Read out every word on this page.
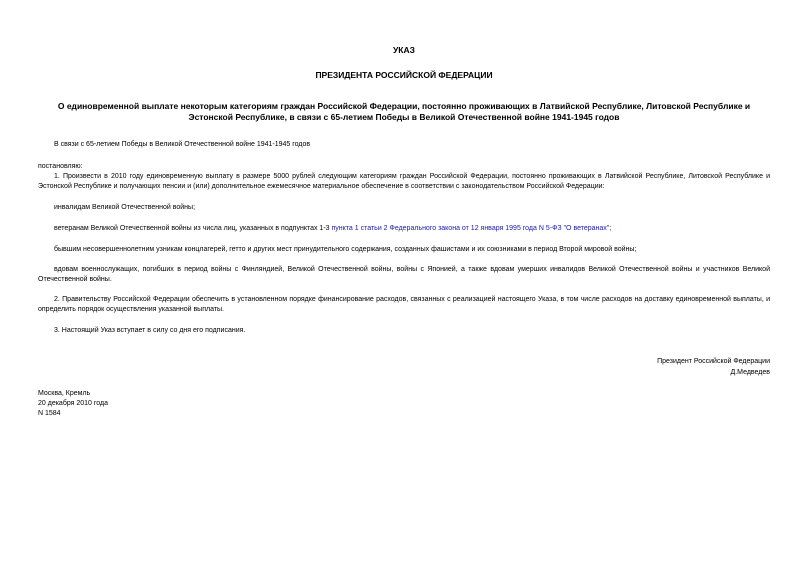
УКАЗ
ПРЕЗИДЕНТА РОССИЙСКОЙ ФЕДЕРАЦИИ
О единовременной выплате некоторым категориям граждан Российской Федерации, постоянно проживающих в Латвийской Республике, Литовской Республике и Эстонской Республике, в связи с 65-летием Победы в Великой Отечественной войне 1941-1945 годов
В связи с 65-летием Победы в Великой Отечественной войне 1941-1945 годов
постановляю:
1. Произвести в 2010 году единовременную выплату в размере 5000 рублей следующим категориям граждан Российской Федерации, постоянно проживающих в Латвийской Республике, Литовской Республике и Эстонской Республике и получающих пенсии и (или) дополнительное ежемесячное материальное обеспечение в соответствии с законодательством Российской Федерации:
инвалидам Великой Отечественной войны;
ветеранам Великой Отечественной войны из числа лиц, указанных в подпунктах 1-3 пункта 1 статьи 2 Федерального закона от 12 января 1995 года N 5-ФЗ "О ветеранах";
бывшим несовершеннолетним узникам концлагерей, гетто и других мест принудительного содержания, созданных фашистами и их союзниками в период Второй мировой войны;
вдовам военнослужащих, погибших в период войны с Финляндией, Великой Отечественной войны, войны с Японией, а также вдовам умерших инвалидов Великой Отечественной войны и участников Великой Отечественной войны.
2. Правительству Российской Федерации обеспечить в установленном порядке финансирование расходов, связанных с реализацией настоящего Указа, в том числе расходов на доставку единовременной выплаты, и определить порядок осуществления указанной выплаты.
3. Настоящий Указ вступает в силу со дня его подписания.
Президент Российской Федерации
Д.Медведев
Москва, Кремль
20 декабря 2010 года
N 1584
